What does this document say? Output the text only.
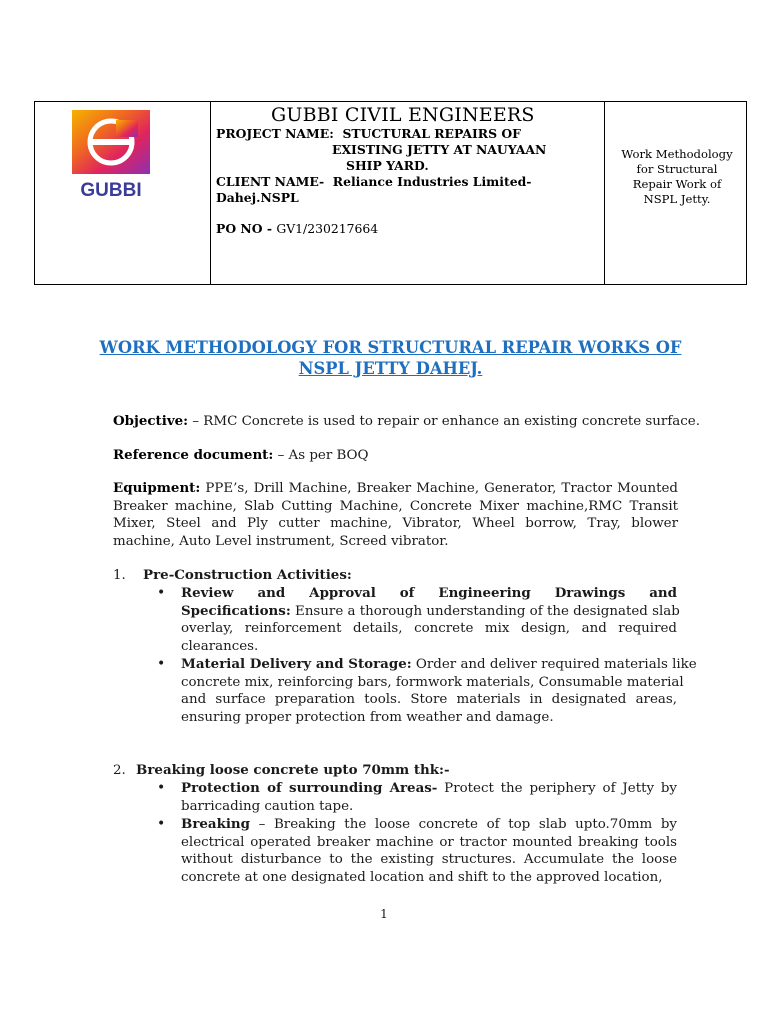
GUBBI
GUBBI CIVIL ENGINEERS
PROJECT NAME: STUCTURAL REPAIRS OF
EXISTING JETTY AT NAUYAAN
SHIP YARD.
CLIENT NAME- Reliance Industries Limited-
Dahej.NSPL
PO NO - GV1/230217664
Work Methodology
for Structural
Repair Work of
NSPL Jetty.
WORK METHODOLOGY FOR STRUCTURAL REPAIR WORKS OF
NSPL JETTY DAHEJ.
Objective: – RMC Concrete is used to repair or enhance an existing concrete surface.
Reference document: – As per BOQ
Equipment: PPE’s, Drill Machine, Breaker Machine, Generator, Tractor Mounted
Breaker machine, Slab Cutting Machine, Concrete Mixer machine,RMC Transit
Mixer, Steel and Ply cutter machine, Vibrator, Wheel borrow, Tray, blower
machine, Auto Level instrument, Screed vibrator.
1. Pre-Construction Activities:
• Review and Approval of Engineering Drawings and
Specifications: Ensure a thorough understanding of the designated slab
overlay, reinforcement details, concrete mix design, and required
clearances.
• Material Delivery and Storage: Order and deliver required materials like
concrete mix, reinforcing bars, formwork materials, Consumable material
and surface preparation tools. Store materials in designated areas,
ensuring proper protection from weather and damage.
2. Breaking loose concrete upto 70mm thk:-
• Protection of surrounding Areas- Protect the periphery of Jetty by
barricading caution tape.
• Breaking – Breaking the loose concrete of top slab upto.70mm by
electrical operated breaker machine or tractor mounted breaking tools
without disturbance to the existing structures. Accumulate the loose
concrete at one designated location and shift to the approved location,
1
